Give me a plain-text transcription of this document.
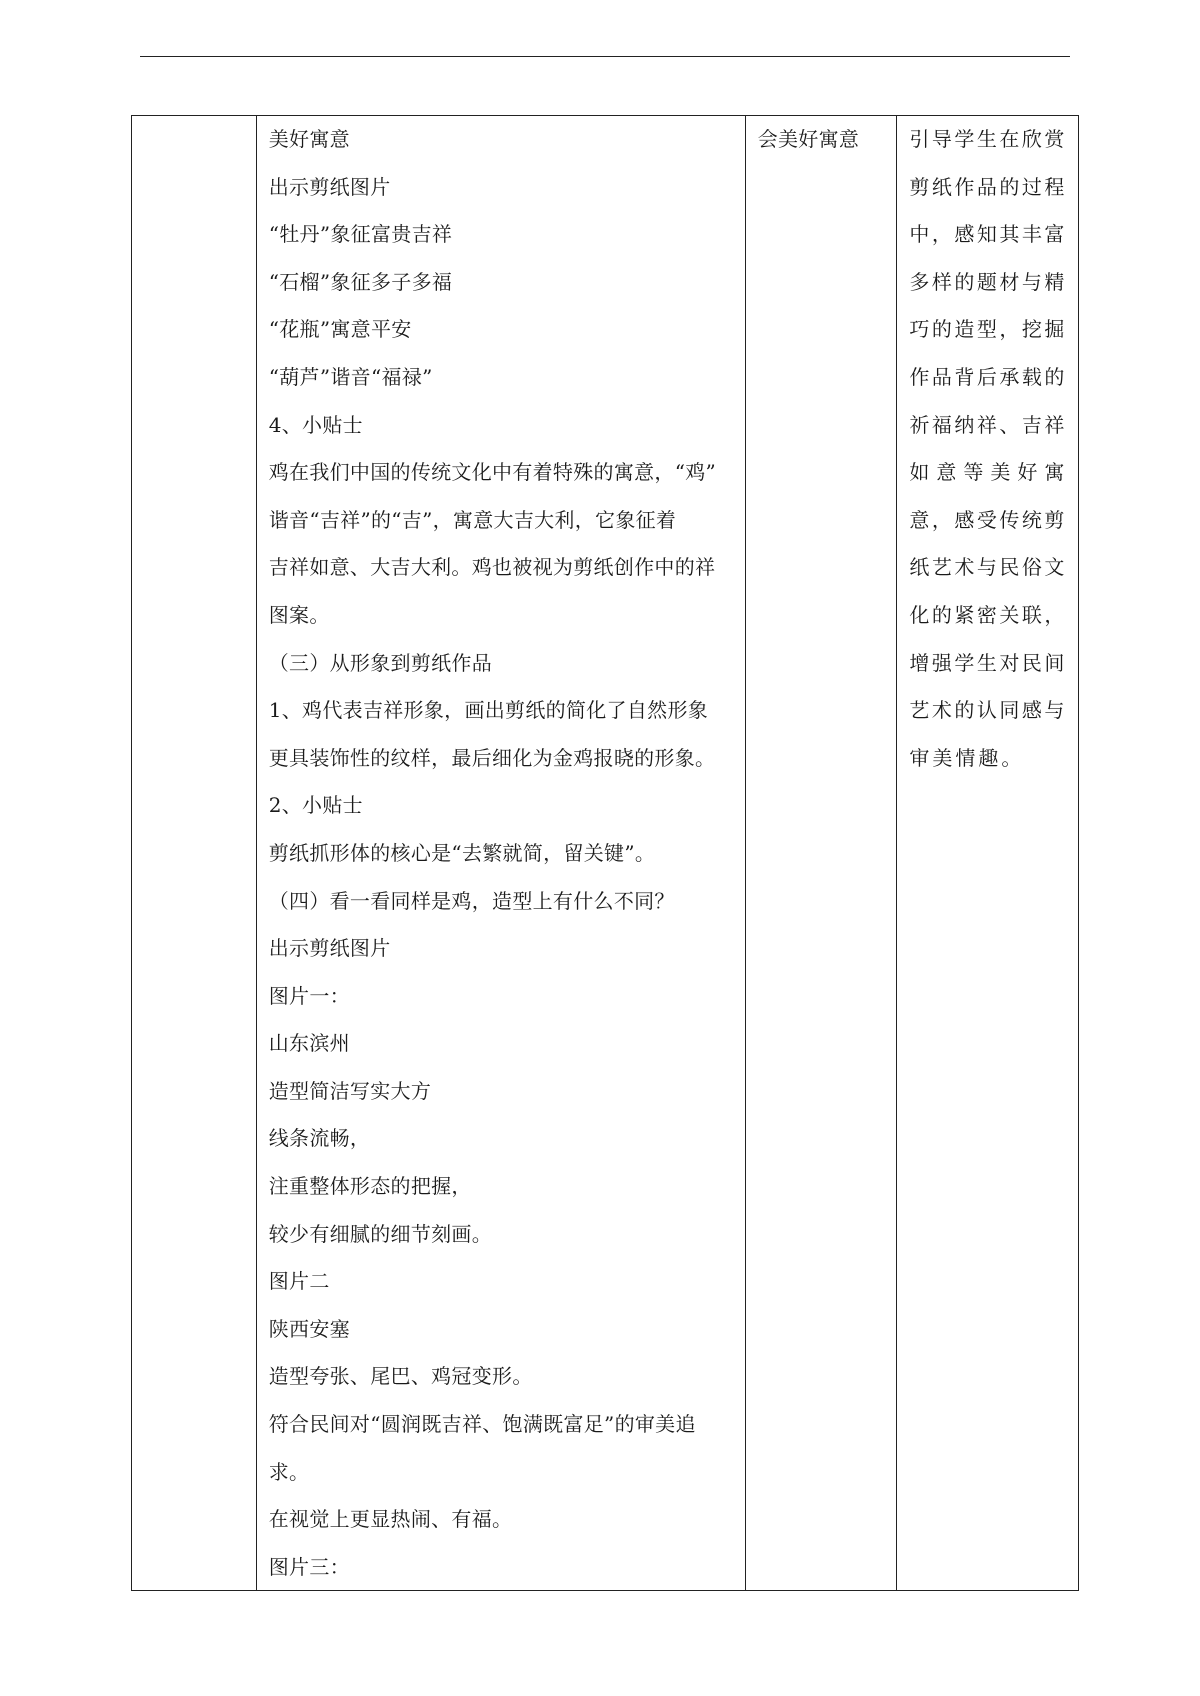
美好寓意
出示剪纸图片
“牡丹”象征富贵吉祥
“石榴”象征多子多福
“花瓶”寓意平安
“葫芦”谐音“福禄”
4、小贴士
鸡在我们中国的传统文化中有着特殊的寓意，“鸡”
谐音“吉祥”的“吉”，寓意大吉大利，它象征着
吉祥如意、大吉大利。鸡也被视为剪纸创作中的祥
图案。
（三）从形象到剪纸作品
1、鸡代表吉祥形象，画出剪纸的简化了自然形象
更具装饰性的纹样，最后细化为金鸡报晓的形象。
2、小贴士
剪纸抓形体的核心是“去繁就简，留关键”。
（四）看一看同样是鸡，造型上有什么不同？
出示剪纸图片
图片一：
山东滨州
造型简洁写实大方
线条流畅，
注重整体形态的把握，
较少有细腻的细节刻画。
图片二
陕西安塞
造型夸张、尾巴、鸡冠变形。
符合民间对“圆润既吉祥、饱满既富足”的审美追
求。
在视觉上更显热闹、有福。
图片三：
会美好寓意	引导学生在欣赏
剪纸作品的过程
中，感知其丰富
多样的题材与精
巧的造型，挖掘
作品背后承载的
祈福纳祥、吉祥
如意等美好寓
意，感受传统剪
纸艺术与民俗文
化的紧密关联，
增强学生对民间
艺术的认同感与
审美情趣。
